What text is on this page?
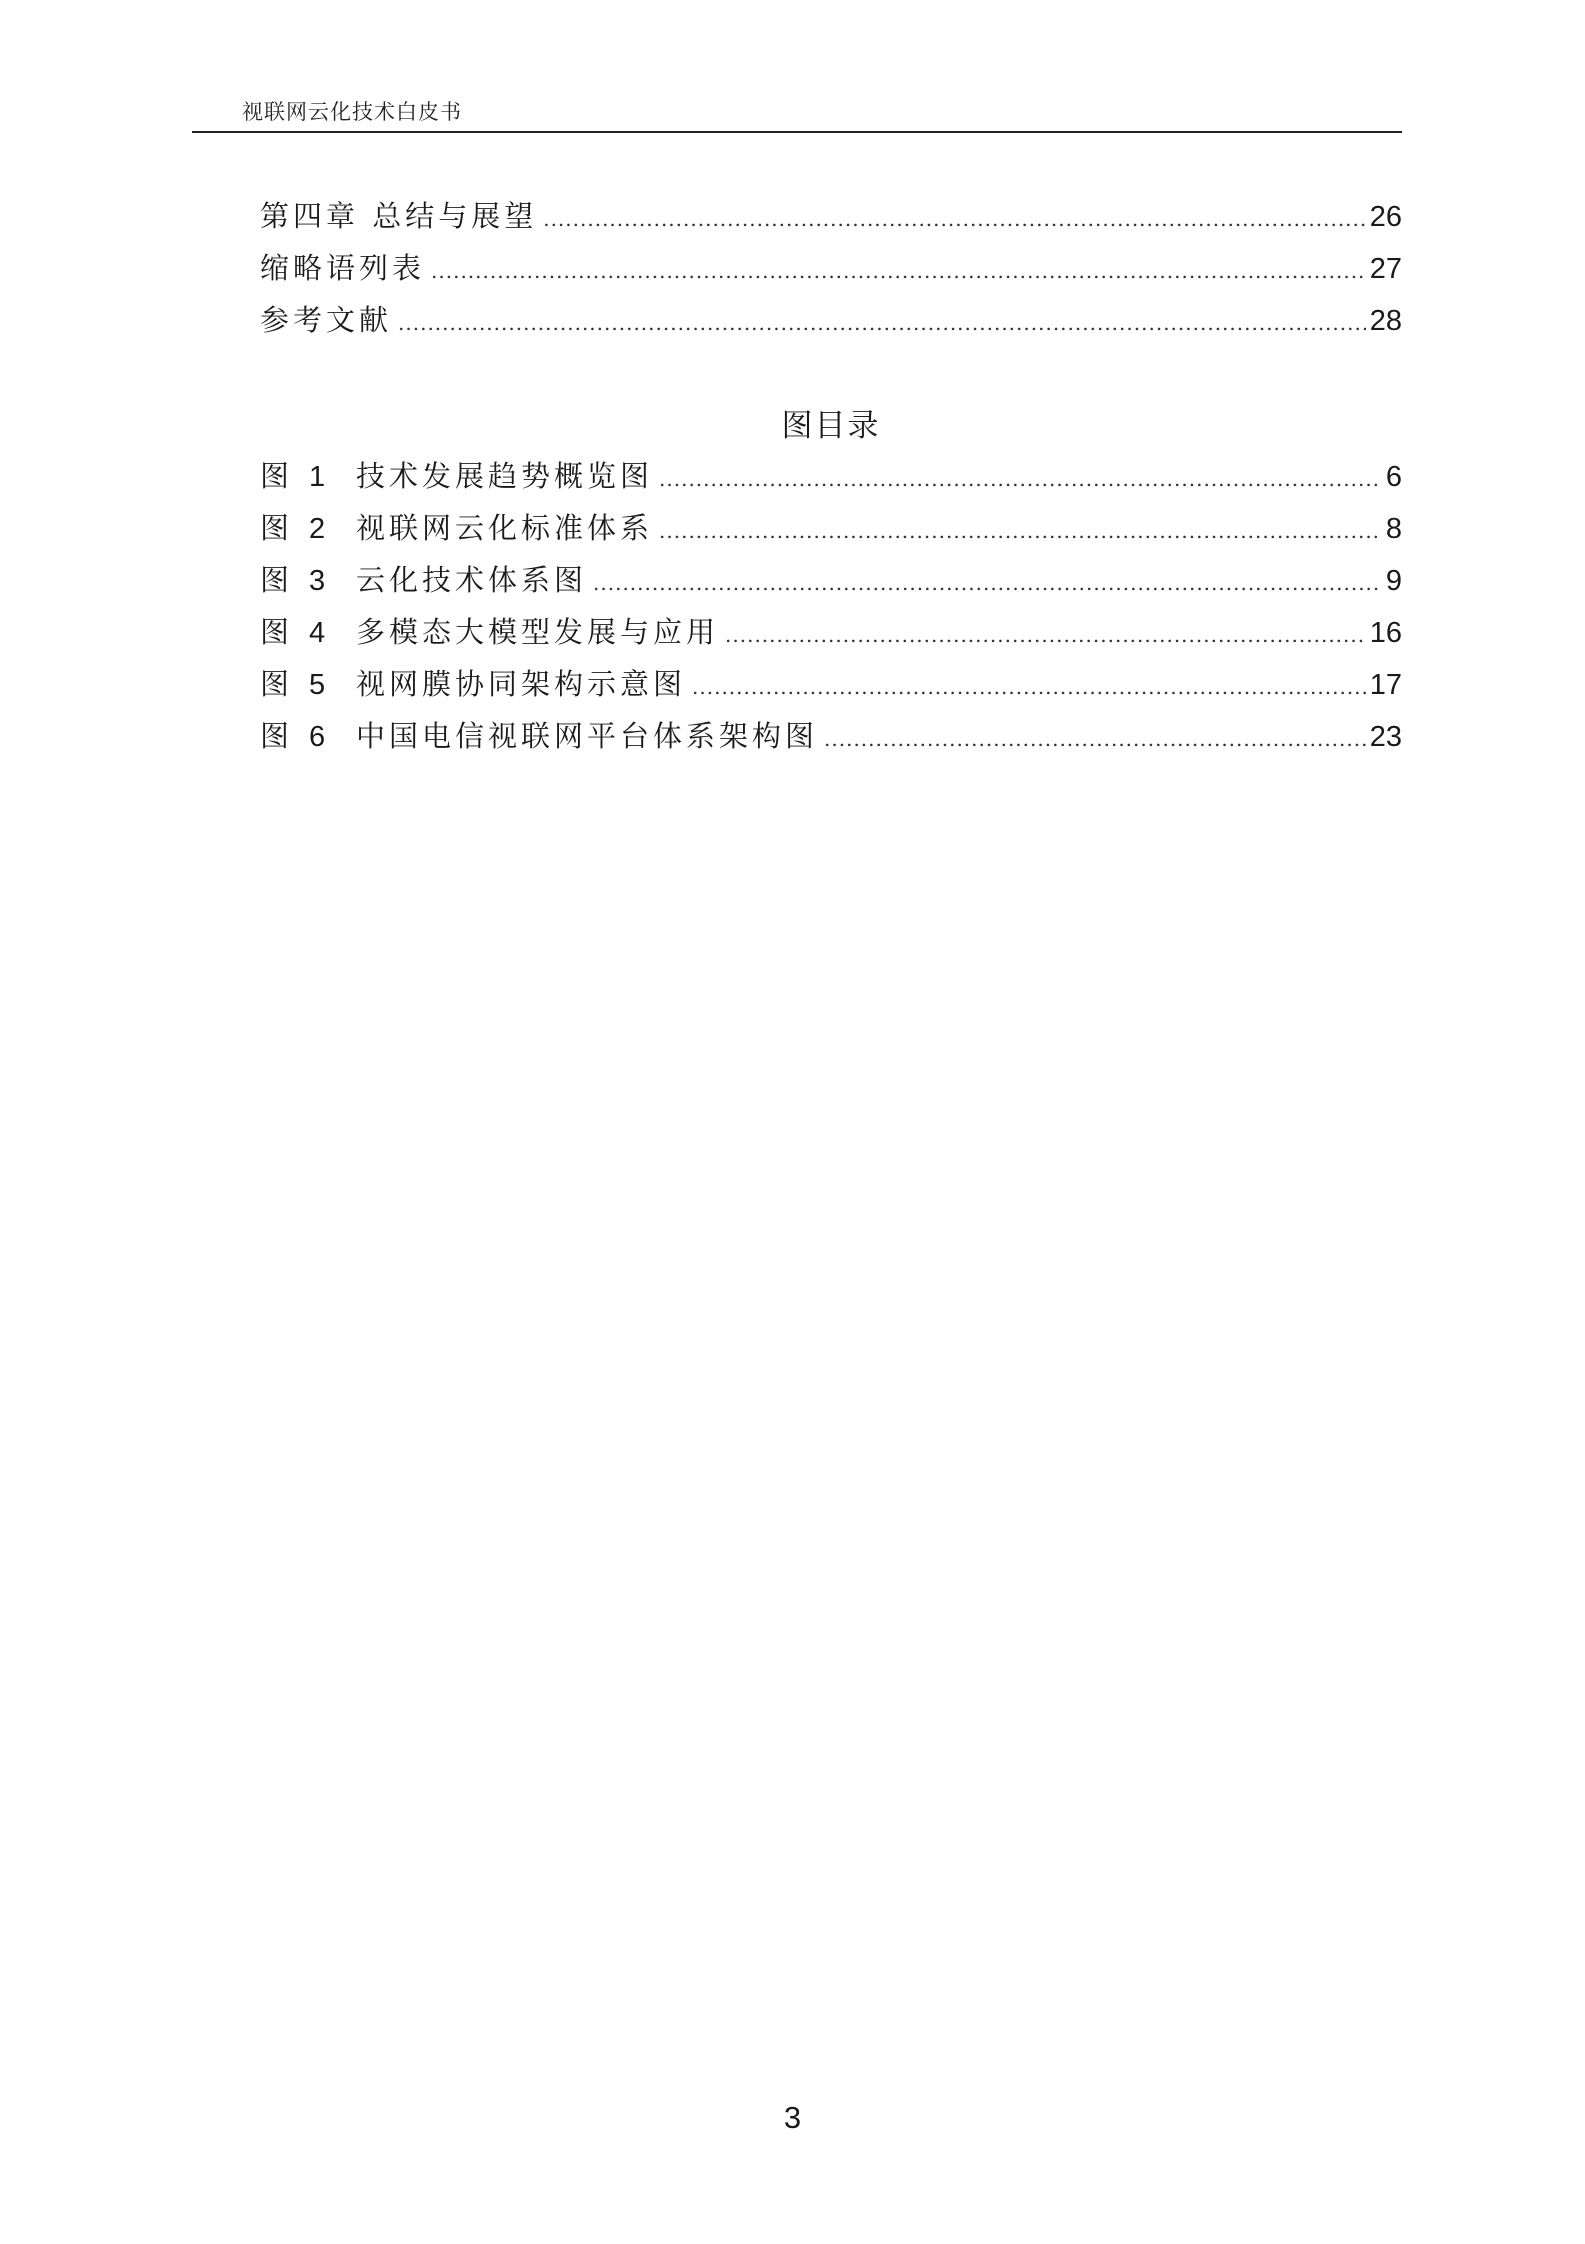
视联网云化技术白皮书
第四章 总结与展望 .....	26
缩略语列表 .....	27
参考文献 .....	28
图目录
图 1 技术发展趋势概览图 .....	6
图 2 视联网云化标准体系 .....	8
图 3 云化技术体系图 .....	9
图 4 多模态大模型发展与应用 .....	16
图 5 视网膜协同架构示意图 .....	17
图 6 中国电信视联网平台体系架构图 .....	23
3
